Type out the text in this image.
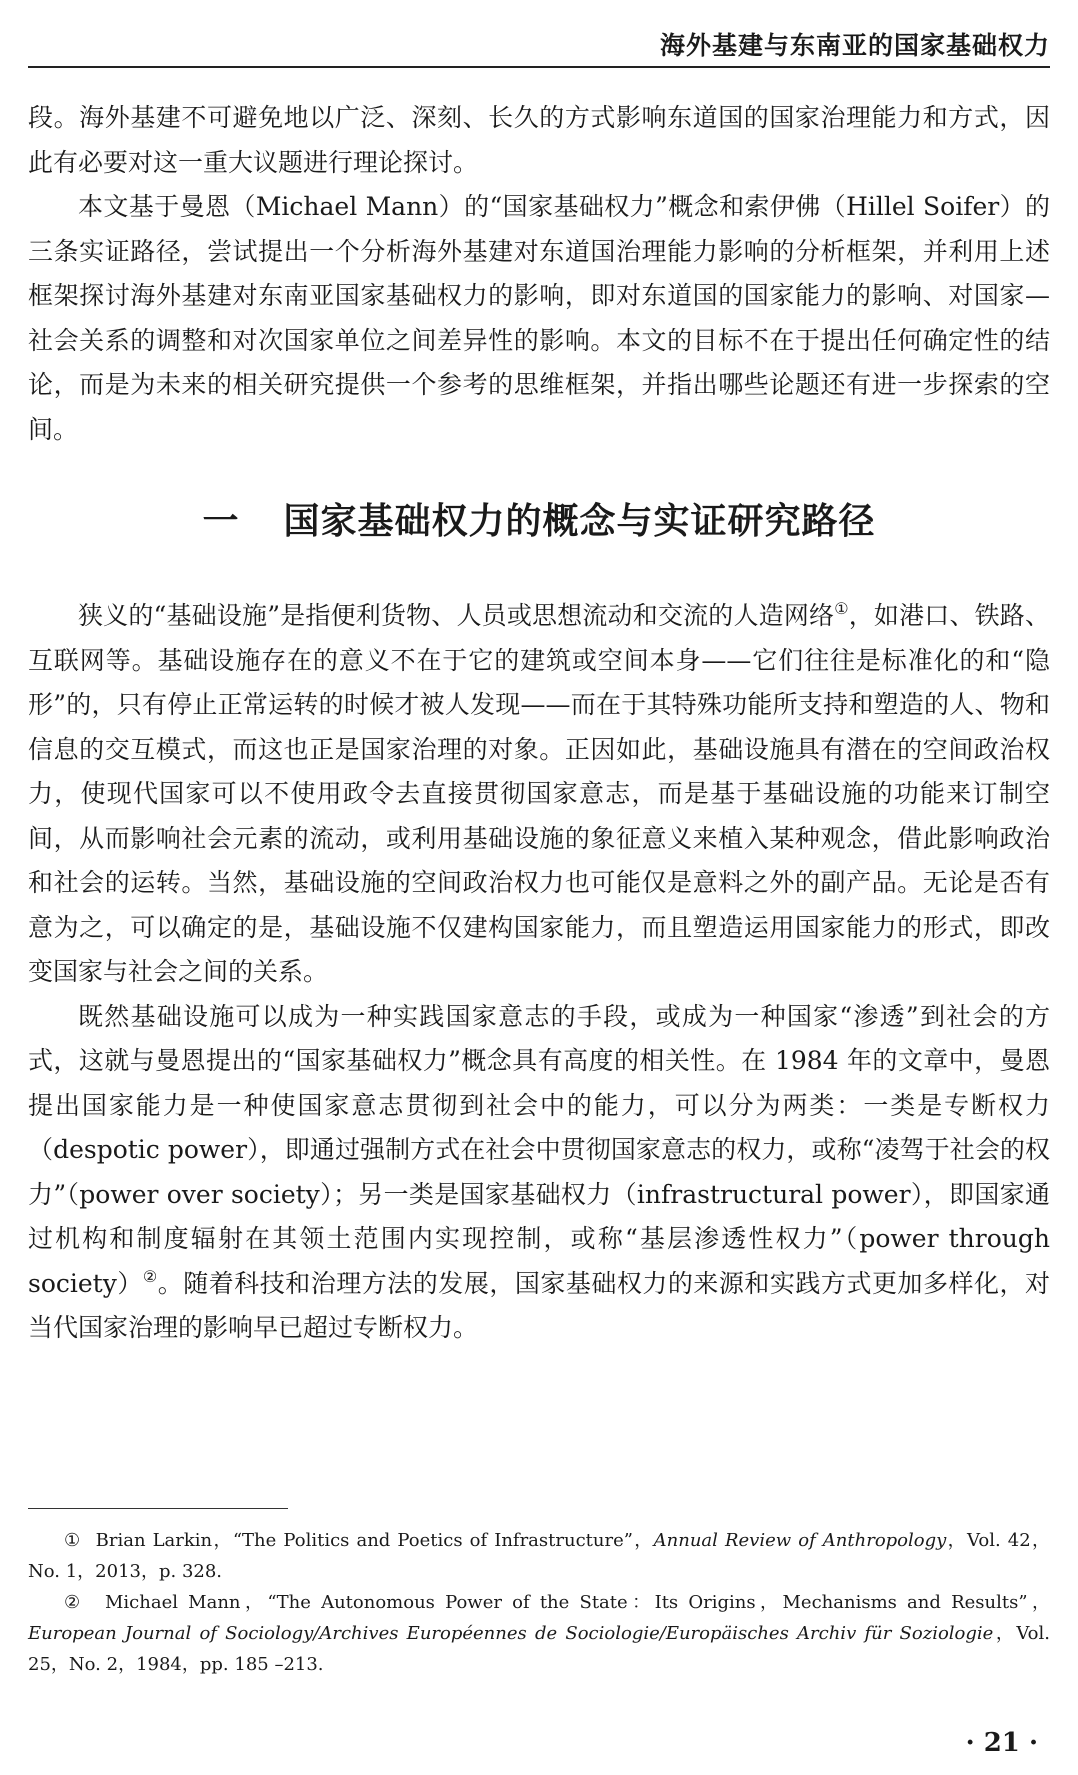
海外基建与东南亚的国家基础权力

段。海外基建不可避免地以广泛、深刻、长久的方式影响东道国的国家治理能力和方式，因此有必要对这一重大议题进行理论探讨。

本文基于曼恩（Michael Mann）的“国家基础权力”概念和索伊佛（Hillel Soifer）的三条实证路径，尝试提出一个分析海外基建对东道国治理能力影响的分析框架，并利用上述框架探讨海外基建对东南亚国家基础权力的影响，即对东道国的国家能力的影响、对国家—社会关系的调整和对次国家单位之间差异性的影响。本文的目标不在于提出任何确定性的结论，而是为未来的相关研究提供一个参考的思维框架，并指出哪些论题还有进一步探索的空间。

一 国家基础权力的概念与实证研究路径

狭义的“基础设施”是指便利货物、人员或思想流动和交流的人造网络①，如港口、铁路、互联网等。基础设施存在的意义不在于它的建筑或空间本身——它们往往是标准化的和“隐形”的，只有停止正常运转的时候才被人发现——而在于其特殊功能所支持和塑造的人、物和信息的交互模式，而这也正是国家治理的对象。正因如此，基础设施具有潜在的空间政治权力，使现代国家可以不使用政令去直接贯彻国家意志，而是基于基础设施的功能来订制空间，从而影响社会元素的流动，或利用基础设施的象征意义来植入某种观念，借此影响政治和社会的运转。当然，基础设施的空间政治权力也可能仅是意料之外的副产品。无论是否有意为之，可以确定的是，基础设施不仅建构国家能力，而且塑造运用国家能力的形式，即改变国家与社会之间的关系。

既然基础设施可以成为一种实践国家意志的手段，或成为一种国家“渗透”到社会的方式，这就与曼恩提出的“国家基础权力”概念具有高度的相关性。在 1984 年的文章中，曼恩提出国家能力是一种使国家意志贯彻到社会中的能力，可以分为两类：一类是专断权力（despotic power），即通过强制方式在社会中贯彻国家意志的权力，或称“凌驾于社会的权力”（power over society）；另一类是国家基础权力（infrastructural power），即国家通过机构和制度辐射在其领土范围内实现控制，或称“基层渗透性权力”（power through society）②。随着科技和治理方法的发展，国家基础权力的来源和实践方式更加多样化，对当代国家治理的影响早已超过专断权力。

① Brian Larkin，“The Politics and Poetics of Infrastructure”，Annual Review of Anthropology，Vol. 42，No. 1，2013，p. 328.

② Michael Mann，“The Autonomous Power of the State：Its Origins，Mechanisms and Results”，European Journal of Sociology/Archives Européennes de Sociologie/Europäisches Archiv für Soziologie，Vol. 25，No. 2，1984，pp. 185 –213.

· 21 ·
